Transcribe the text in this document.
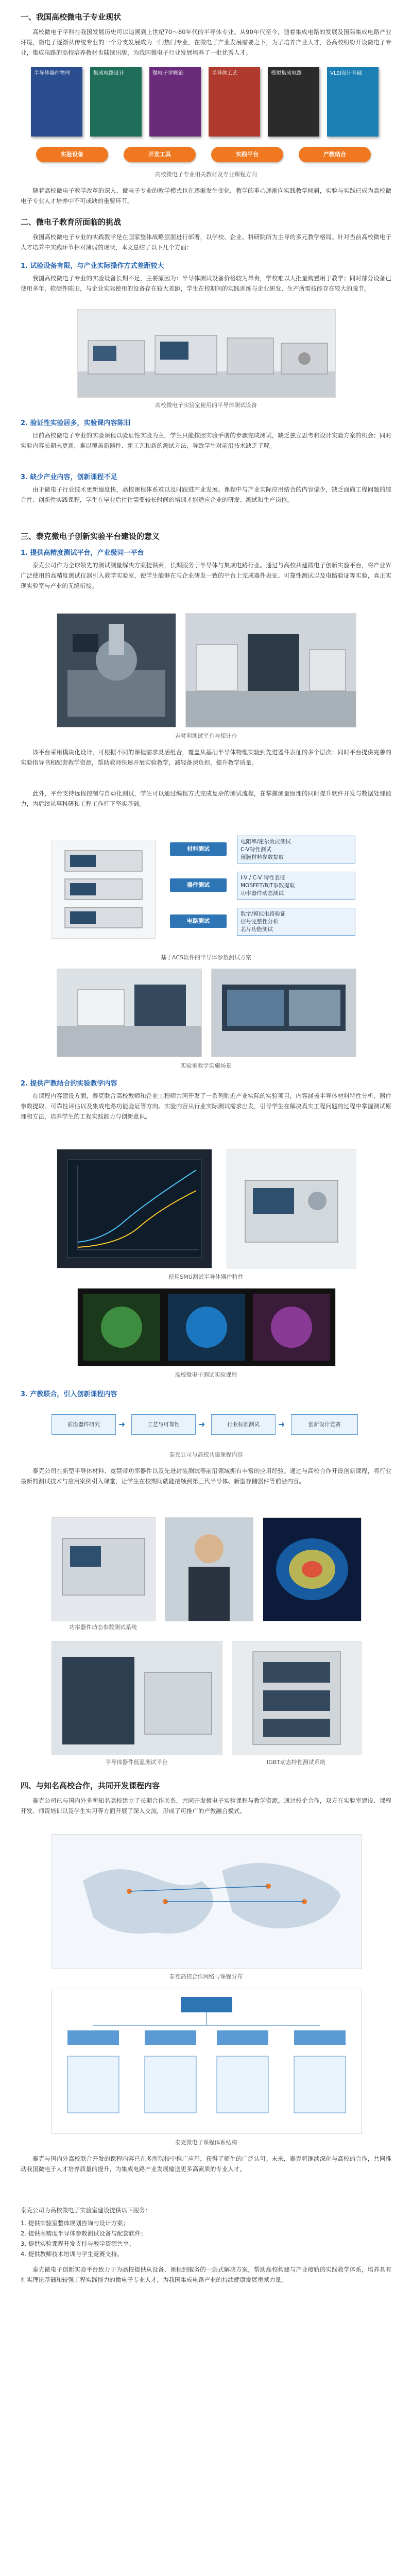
一、我国高校微电子专业现状
高校微电子学科在我国发展历史可以追溯到上世纪70～80年代的半导体专业。从90年代至今，随着集成电路的发展及国际集成电路产业环境，微电子逐渐从传统专业的一个分支发展成为一门热门专业，在微电子产业发展需要之下，为了培养产业人才，各高校纷纷开设微电子专业，集成电路的高校培养教材也陆续出版，为我国微电子行业发展培养了一批优秀人才。
半导体器件物理	集成电路设计	微电子学概论	半导体工艺	模拟集成电路	VLSI设计基础
实验设备	开发工具	实践平台	产教结合
高校微电子专业相关教材及专业课程方向
随着高校微电子教学改革的深入，微电子专业的教学模式也在逐渐发生变化，教学的重心逐渐向实践教学倾斜，实验与实践已成为高校微电子专业人才培养中不可或缺的重要环节。
二、微电子教育所面临的挑战
我国高校微电子专业的实践教学是在国家整体战略层面进行部署，以学校、企业、科研院所为主导的多元教学格局。针对当前高校微电子人才培养中实践环节相对薄弱的现状，本文总结了以下几个方面：
1. 试验设备有限，与产业实际操作方式差距较大
我国高校微电子专业的实验设备长期不足，主要原因为：半导体测试设备价格较为昂贵，学校难以大批量购置用于教学；同时部分设备已使用多年，软硬件陈旧，与企业实际使用的设备存在较大差距，学生在校期间的实践训练与企业研发、生产所需技能存在较大的脱节。
高校微电子实验室使用的半导体测试设备
2. 验证性实验居多，实验课内容陈旧
目前高校微电子专业的实验课程以验证性实验为主，学生只能按照实验手册的步骤完成测试，缺乏独立思考和设计实验方案的机会；同时实验内容长期未更新，难以覆盖新器件、新工艺和新的测试方法，导致学生对前沿技术缺乏了解。
3. 缺少产业内容，创新课程不足
由于微电子行业技术更新速度快，高校课程体系难以及时跟进产业发展。课程中与产业实际应用结合的内容偏少，缺乏面向工程问题的综合性、创新性实践课程，学生在毕业后往往需要较长时间的培训才能适应企业的研发、测试和生产岗位。
三、泰克微电子创新实验平台建设的意义
1. 提供高精度测试平台，产业级同一平台
泰克公司作为全球领先的测试测量解决方案提供商，长期服务于半导体与集成电路行业。通过与高校共建微电子创新实验平台，将产业界广泛使用的高精度测试仪器引入教学实验室，使学生能够在与企业研发一致的平台上完成器件表征、可靠性测试以及电路验证等实验，真正实现实验室与产业的无缝衔接。
吉时利测试平台与探针台
该平台采用模块化设计，可根据不同的课程需求灵活组合，覆盖从基础半导体物理实验到先进器件表征的多个层次；同时平台提供完善的实验指导书和配套教学资源，帮助教师快速开展实验教学，减轻备课负担，提升教学质量。
此外，平台支持远程控制与自动化测试，学生可以通过编程方式完成复杂的测试流程，在掌握测量原理的同时提升软件开发与数据处理能力，为后续从事科研和工程工作打下坚实基础。
材料测试
器件测试
电路测试
电阻率/霍尔效应测试
C-V特性测试
薄膜材料参数提取
I-V / C-V 特性表征
MOSFET/BJT参数提取
功率器件动态测试
数字/模拟电路验证
信号完整性分析
芯片功能测试
基于ACS软件的半导体参数测试方案
实验室教学实施场景
2. 提供产教结合的实验教学内容
在课程内容建设方面，泰克联合高校教师和企业工程师共同开发了一系列贴近产业实际的实验项目，内容涵盖半导体材料特性分析、器件参数提取、可靠性评估以及集成电路功能验证等方向。实验内容从行业实际测试需求出发，引导学生在解决真实工程问题的过程中掌握测试原理和方法，培养学生的工程实践能力与创新意识。
使用SMU测试半导体器件特性
高校微电子测试实验课程
3. 产教联合，引入创新课程内容
前沿器件研究	➜	工艺与可靠性	➜	行业标准测试	➜	创新设计竞赛
泰克公司与高校共建课程内容
泰克公司在新型半导体材料、宽禁带功率器件以及先进封装测试等前沿领域拥有丰富的应用经验。通过与高校合作开设创新课程，将行业最新的测试技术与应用案例引入课堂，让学生在校期间就能接触到第三代半导体、新型存储器件等前沿内容。
功率器件动态参数测试系统
半导体器件低温测试平台	IGBT动态特性测试系统
四、与知名高校合作，共同开发课程内容
泰克公司已与国内外多所知名高校建立了长期合作关系，共同开发微电子实验课程与教学资源。通过校企合作，双方在实验室建设、课程开发、师资培训以及学生实习等方面开展了深入交流，形成了可推广的产教融合模式。
泰克高校合作网络与课程分布
泰克微电子课程体系结构
泰克与国内外高校联合开发的课程内容已在多所院校中推广应用，获得了师生的广泛认可。未来，泰克将继续深化与高校的合作，共同推动我国微电子人才培养质量的提升，为集成电路产业发展输送更多高素质的专业人才。
泰克公司为高校微电子实验室建设提供以下服务：
1. 提供实验室整体规划咨询与设计方案；
2. 提供高精度半导体参数测试设备与配套软件；
3. 提供实验课程开发支持与教学资源共享；
4. 提供教师技术培训与学生竞赛支持。
泰克微电子创新实验平台致力于为高校提供从设备、课程到服务的一站式解决方案，帮助高校构建与产业接轨的实践教学体系，培养具有扎实理论基础和较强工程实践能力的微电子专业人才，为我国集成电路产业的持续健康发展贡献力量。
